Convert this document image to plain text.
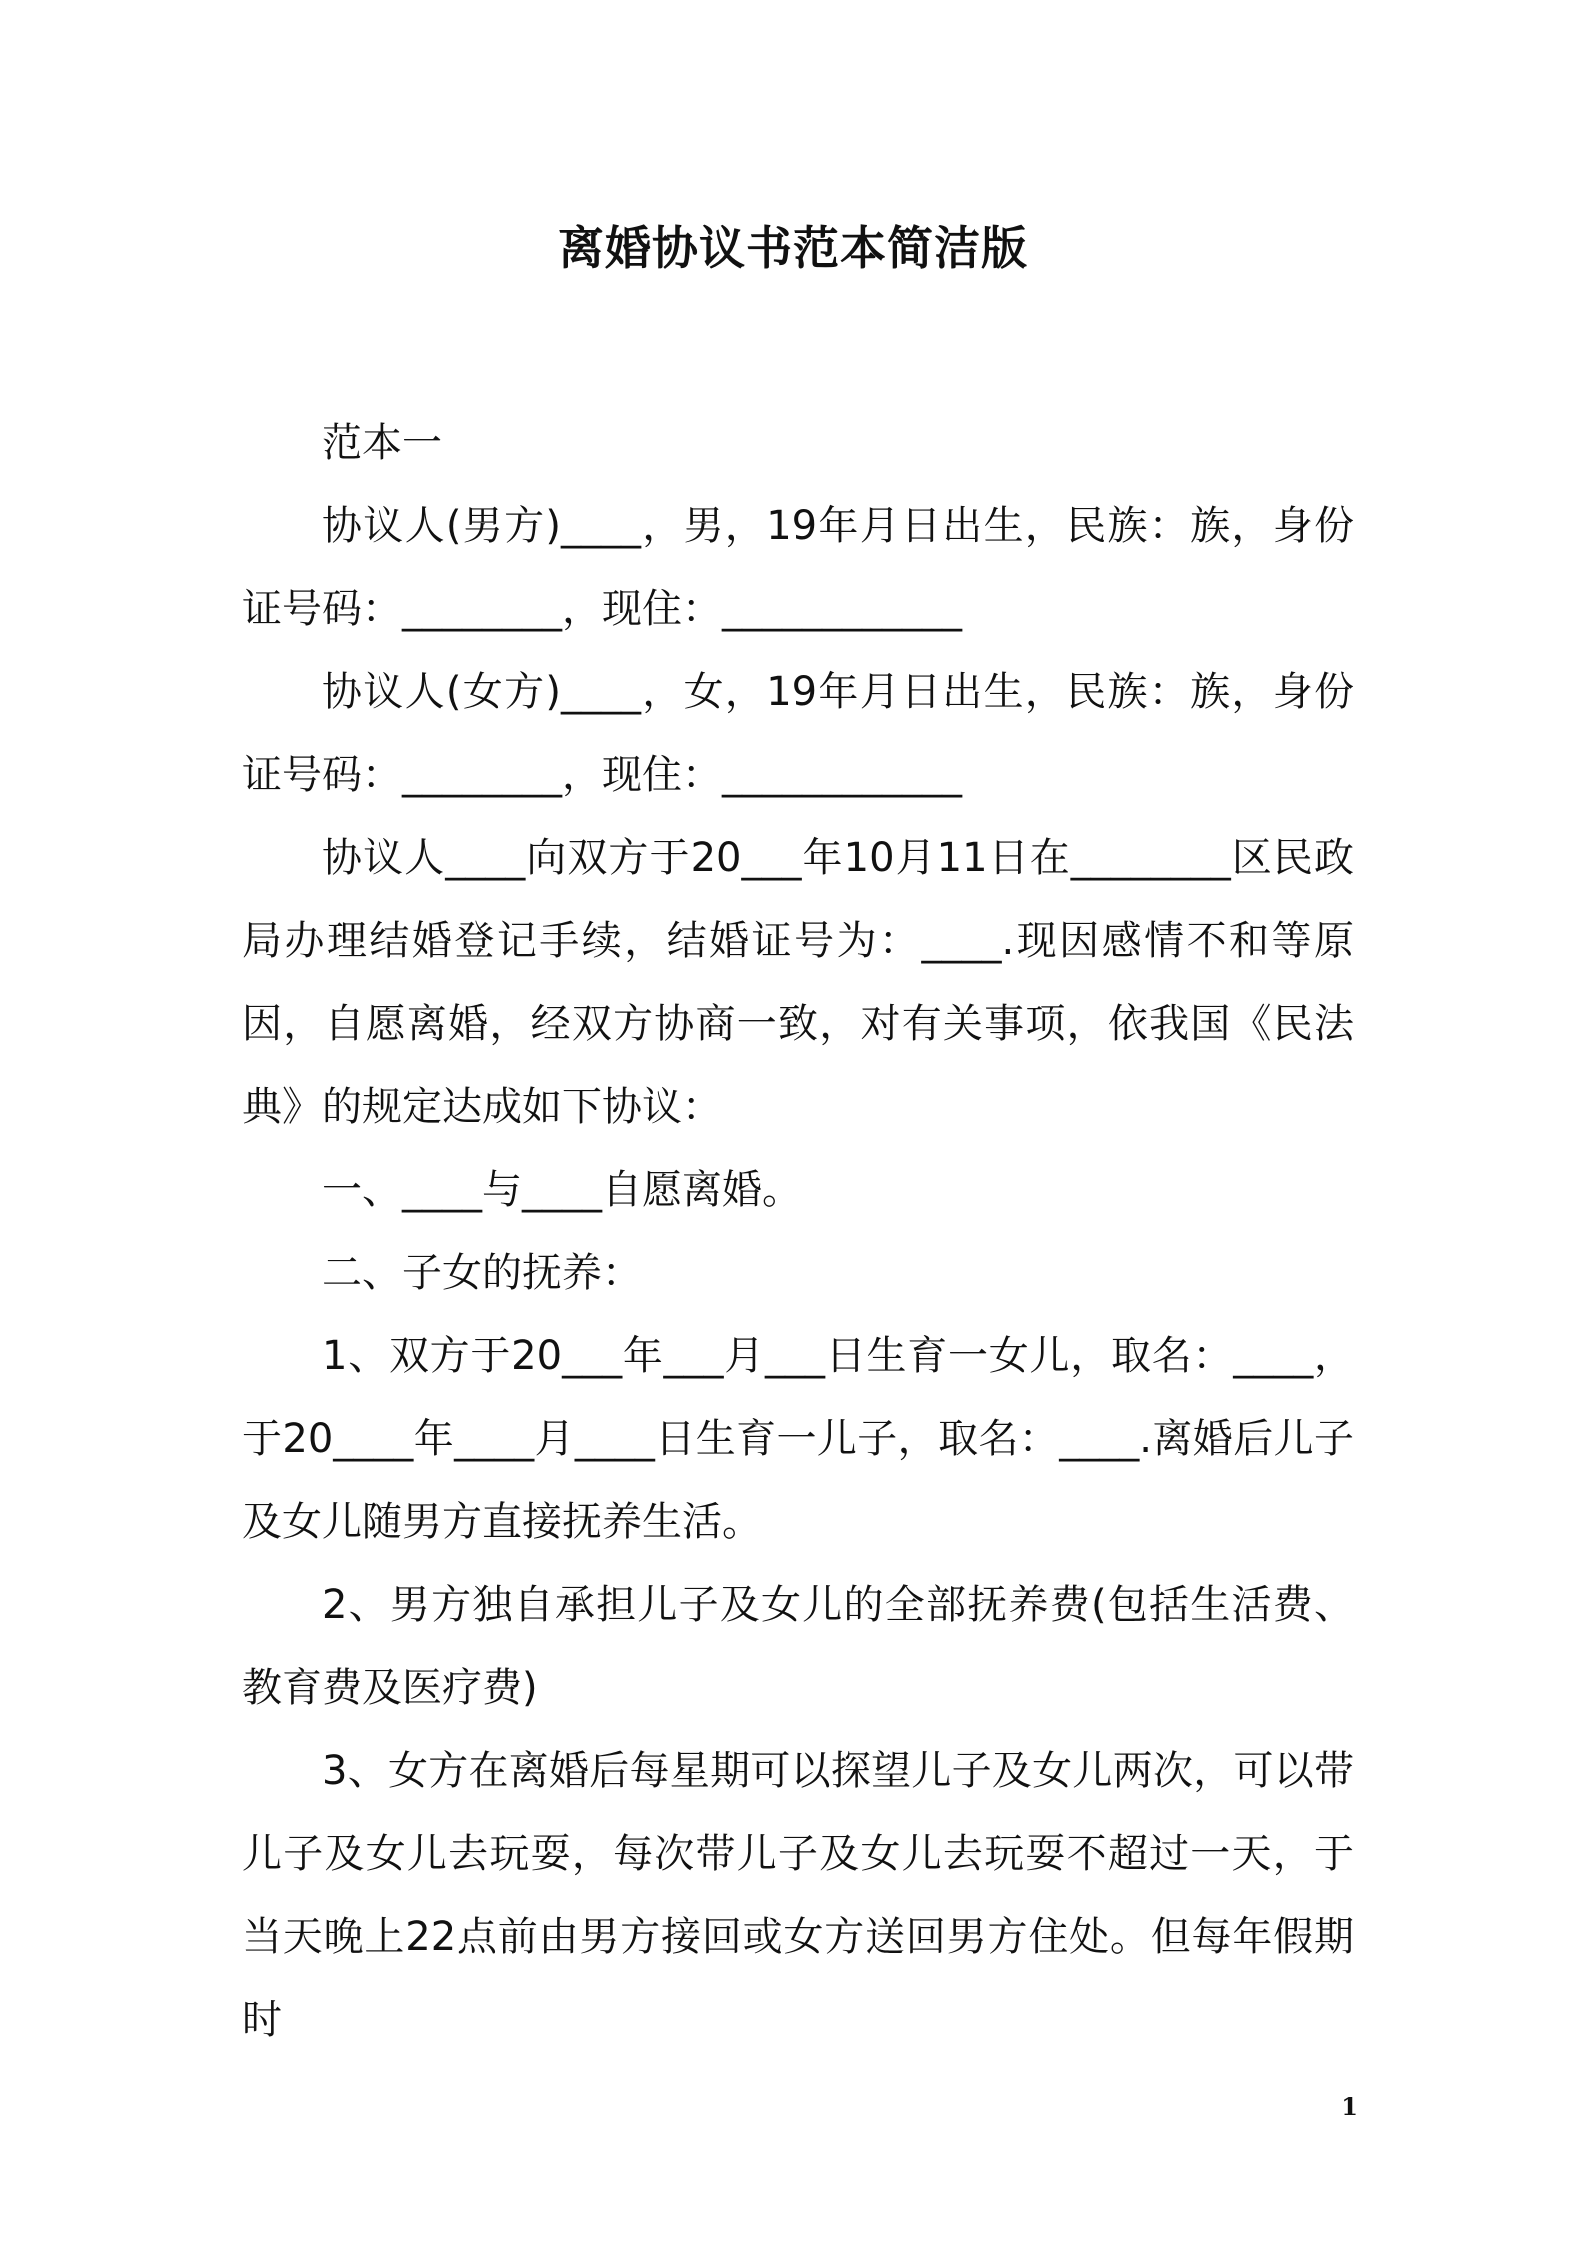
离婚协议书范本简洁版

范本一

协议人(男方)____，男，19年月日出生，民族：族，身份证号码：________，现住：____________

协议人(女方)____，女，19年月日出生，民族：族，身份证号码：________，现住：____________

协议人____向双方于20___年10月11日在________区民政局办理结婚登记手续，结婚证号为：____.现因感情不和等原因，自愿离婚，经双方协商一致，对有关事项，依我国《民法典》的规定达成如下协议：

一、____与____自愿离婚。

二、子女的抚养：

1、双方于20___年___月___日生育一女儿，取名：____，于20____年____月____日生育一儿子，取名：____.离婚后儿子及女儿随男方直接抚养生活。

2、男方独自承担儿子及女儿的全部抚养费(包括生活费、教育费及医疗费)

3、女方在离婚后每星期可以探望儿子及女儿两次，可以带儿子及女儿去玩耍，每次带儿子及女儿去玩耍不超过一天，于当天晚上22点前由男方接回或女方送回男方住处。但每年假期时

1
